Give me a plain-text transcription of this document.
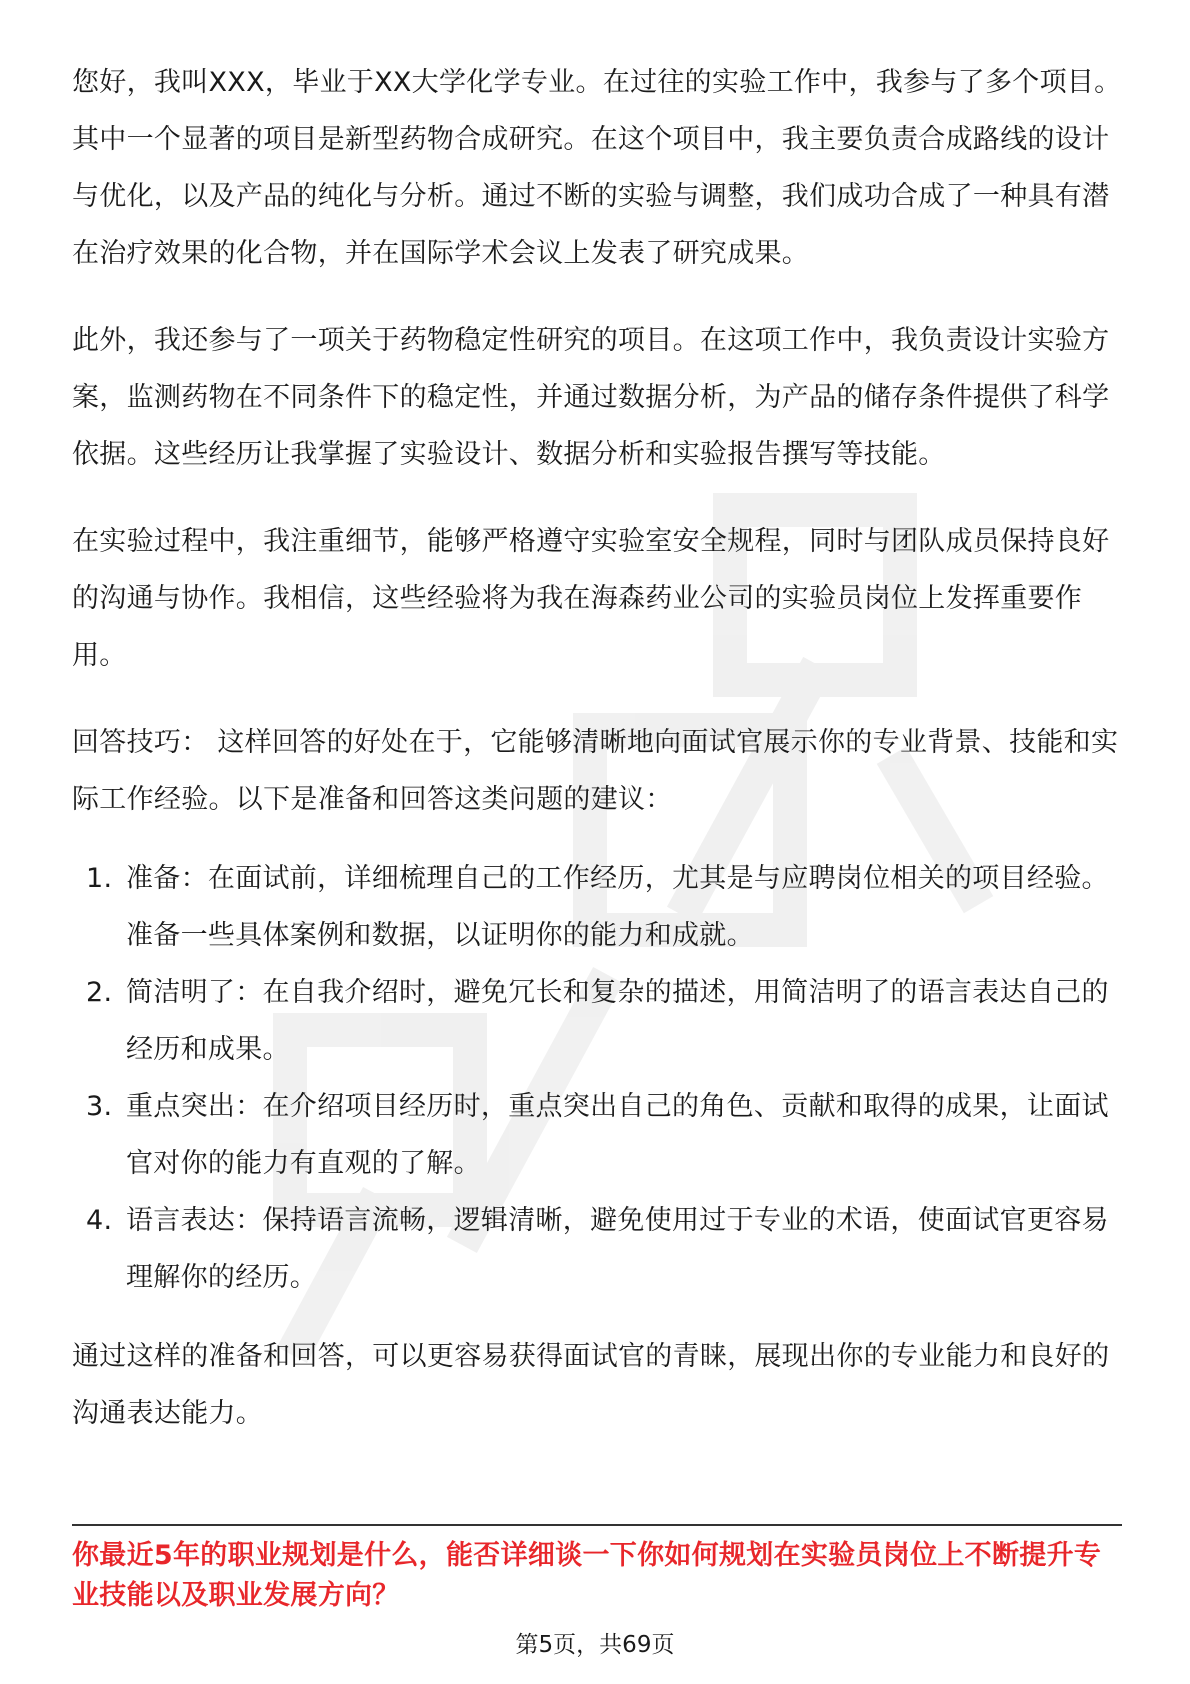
您好，我叫XXX，毕业于XX大学化学专业。在过往的实验工作中，我参与了多个项目。其中一个显著的项目是新型药物合成研究。在这个项目中，我主要负责合成路线的设计与优化，以及产品的纯化与分析。通过不断的实验与调整，我们成功合成了一种具有潜在治疗效果的化合物，并在国际学术会议上发表了研究成果。

此外，我还参与了一项关于药物稳定性研究的项目。在这项工作中，我负责设计实验方案，监测药物在不同条件下的稳定性，并通过数据分析，为产品的储存条件提供了科学依据。这些经历让我掌握了实验设计、数据分析和实验报告撰写等技能。

在实验过程中，我注重细节，能够严格遵守实验室安全规程，同时与团队成员保持良好的沟通与协作。我相信，这些经验将为我在海森药业公司的实验员岗位上发挥重要作用。

回答技巧： 这样回答的好处在于，它能够清晰地向面试官展示你的专业背景、技能和实际工作经验。以下是准备和回答这类问题的建议：

1. 准备：在面试前，详细梳理自己的工作经历，尤其是与应聘岗位相关的项目经验。准备一些具体案例和数据，以证明你的能力和成就。
2. 简洁明了：在自我介绍时，避免冗长和复杂的描述，用简洁明了的语言表达自己的经历和成果。
3. 重点突出：在介绍项目经历时，重点突出自己的角色、贡献和取得的成果，让面试官对你的能力有直观的了解。
4. 语言表达：保持语言流畅，逻辑清晰，避免使用过于专业的术语，使面试官更容易理解你的经历。

通过这样的准备和回答，可以更容易获得面试官的青睐，展现出你的专业能力和良好的沟通表达能力。

你最近5年的职业规划是什么，能否详细谈一下你如何规划在实验员岗位上不断提升专业技能以及职业发展方向？

第5页，共69页
